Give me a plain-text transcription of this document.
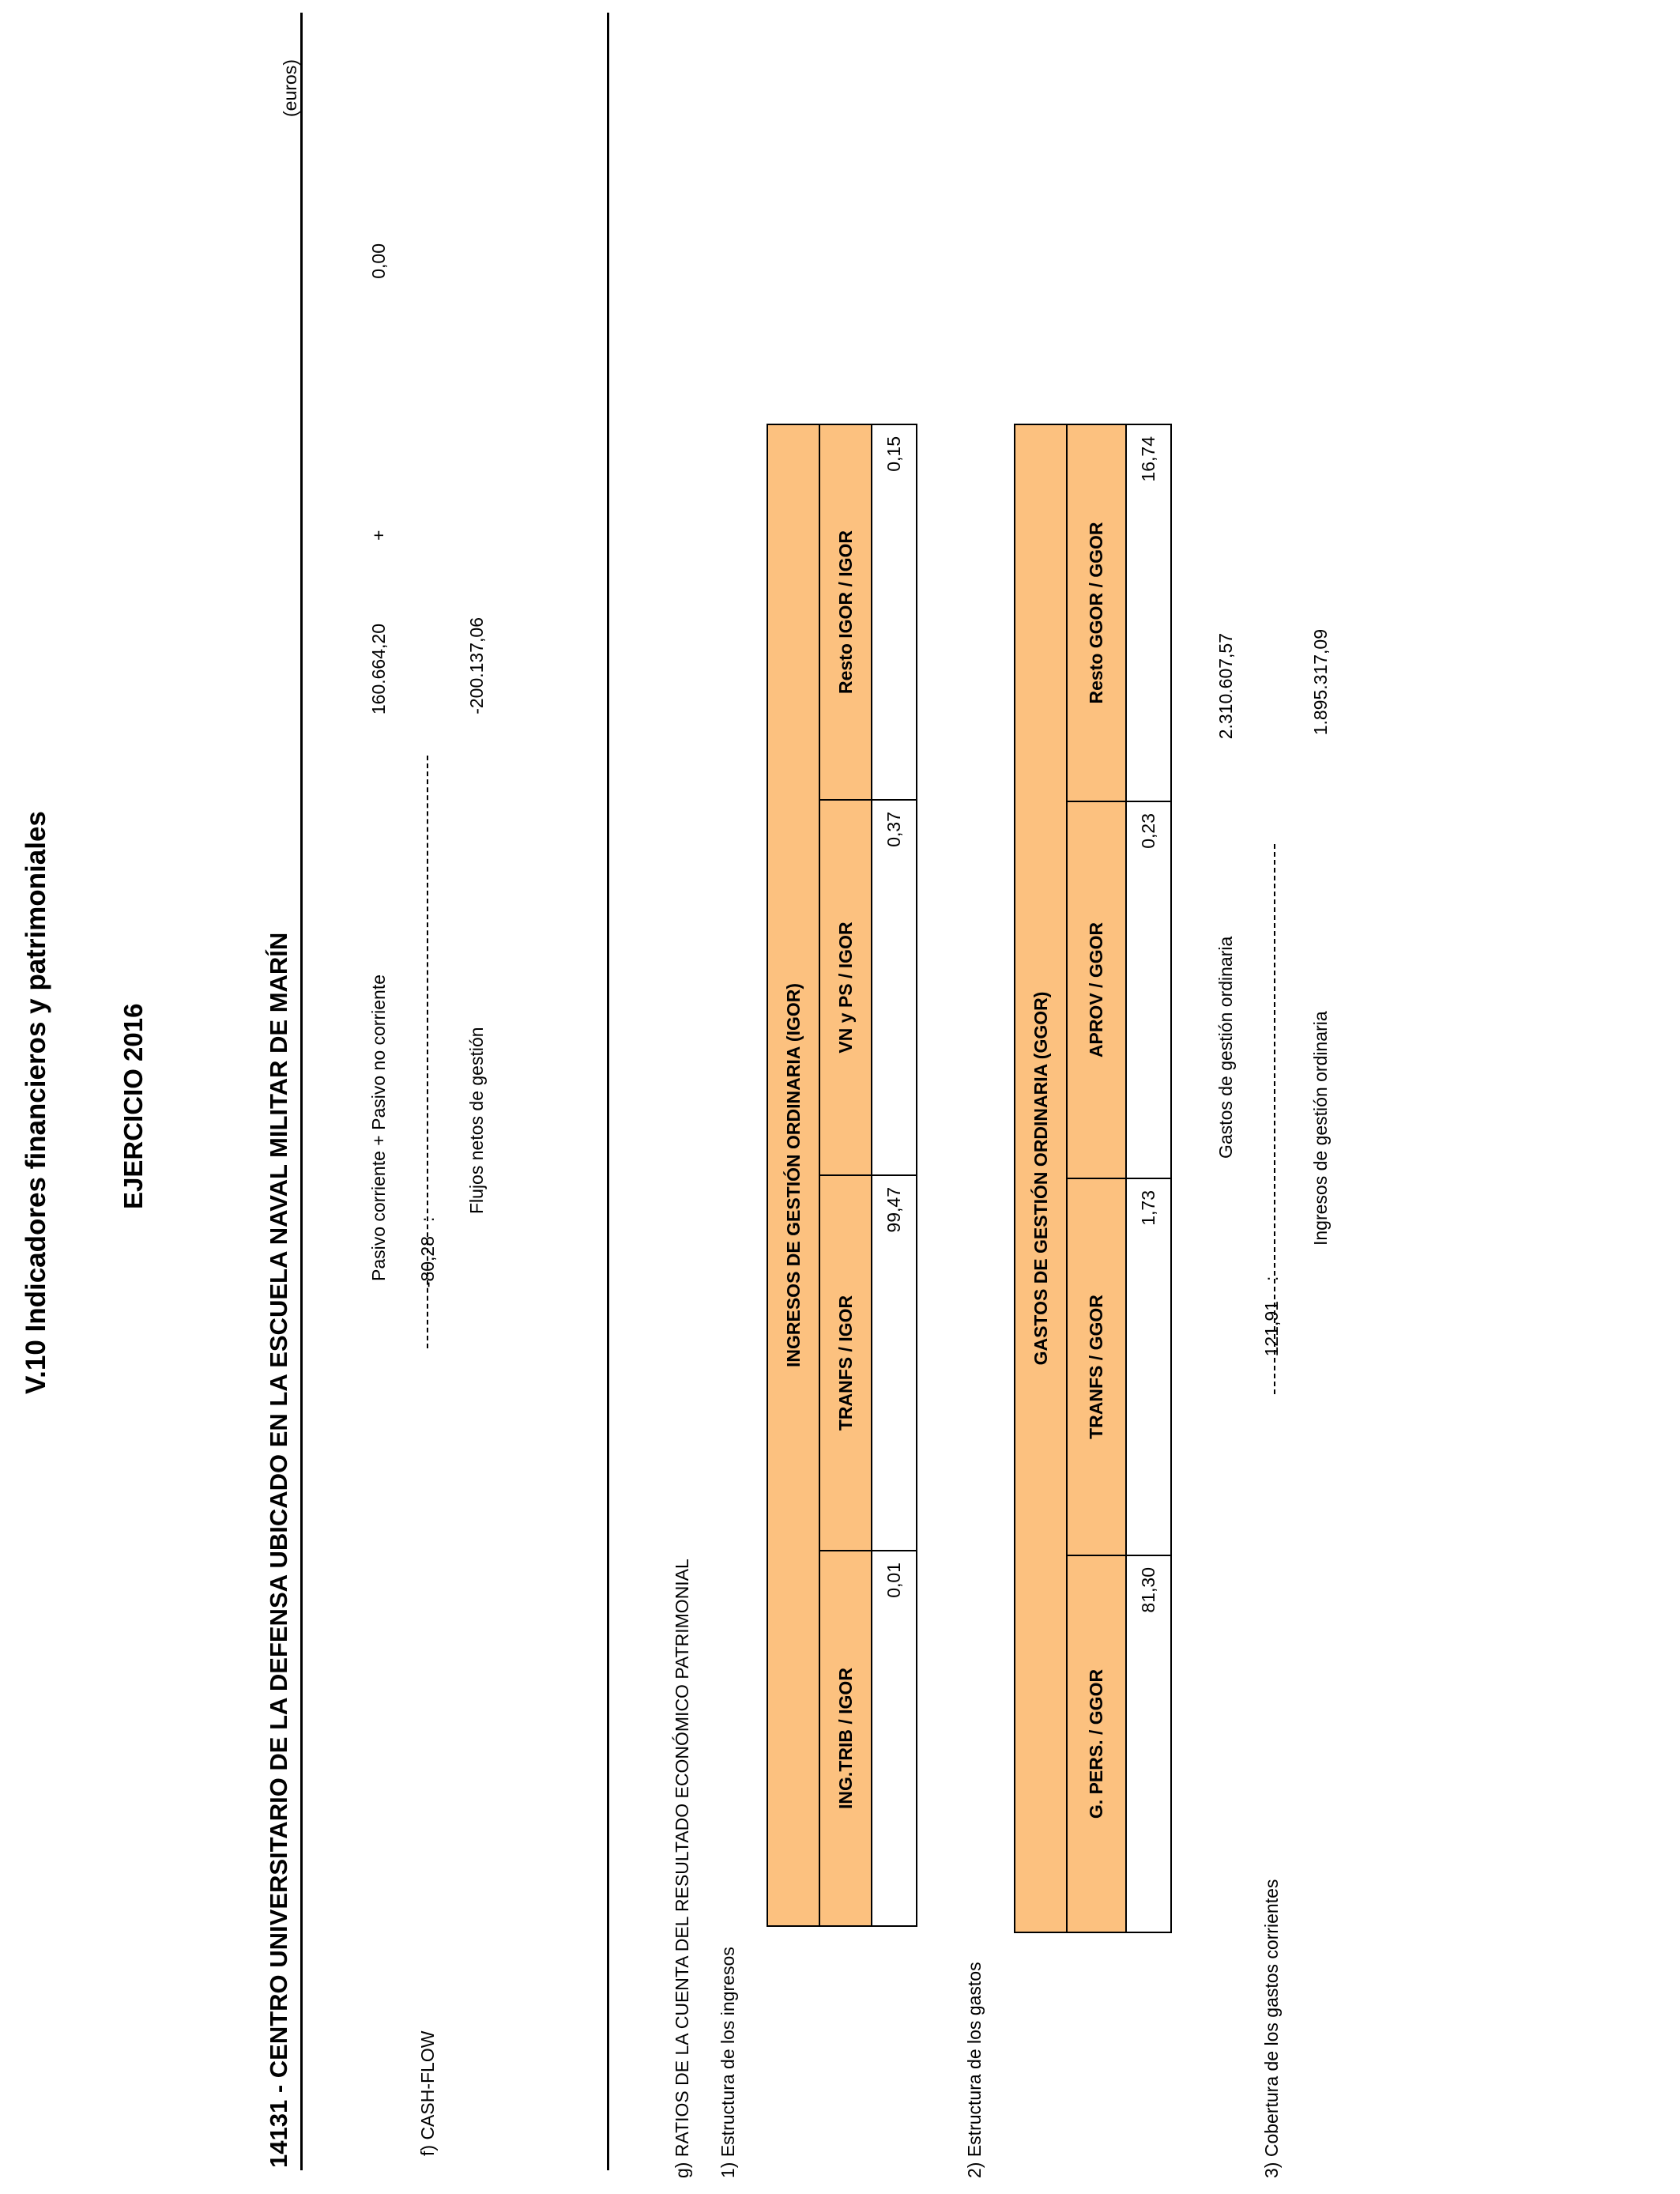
V.10 Indicadores financieros y patrimoniales	EJERCICIO 2016	14131 - CENTRO UNIVERSITARIO DE LA DEFENSA UBICADO EN LA ESCUELA NAVAL MILITAR DE MARÍN
(euros)
f) CASH-FLOW
-80,28
:
Pasivo corriente + Pasivo no corriente
160.664,20
+
0,00
Flujos netos de gestión
-200.137,06
g) RATIOS DE LA CUENTA DEL RESULTADO ECONÓMICO PATRIMONIAL 1) Estructura de los ingresos
INGRESOS DE GESTIÓN ORDINARIA (IGOR)			
ING.TRIB / IGOR	TRANFS / IGOR	VN y PS / IGOR	Resto IGOR / IGOR
0,01	99,47	0,37	0,15
2) Estructura de los gastos
GASTOS DE GESTIÓN ORDINARIA (GGOR)			
G. PERS. / GGOR	TRANFS / GGOR	APROV / GGOR	Resto GGOR / GGOR
81,30	1,73	0,23	16,74
3) Cobertura de los gastos corrientes
121,91
:
Gastos de gestión ordinaria
2.310.607,57
Ingresos de gestión ordinaria
1.895.317,09
